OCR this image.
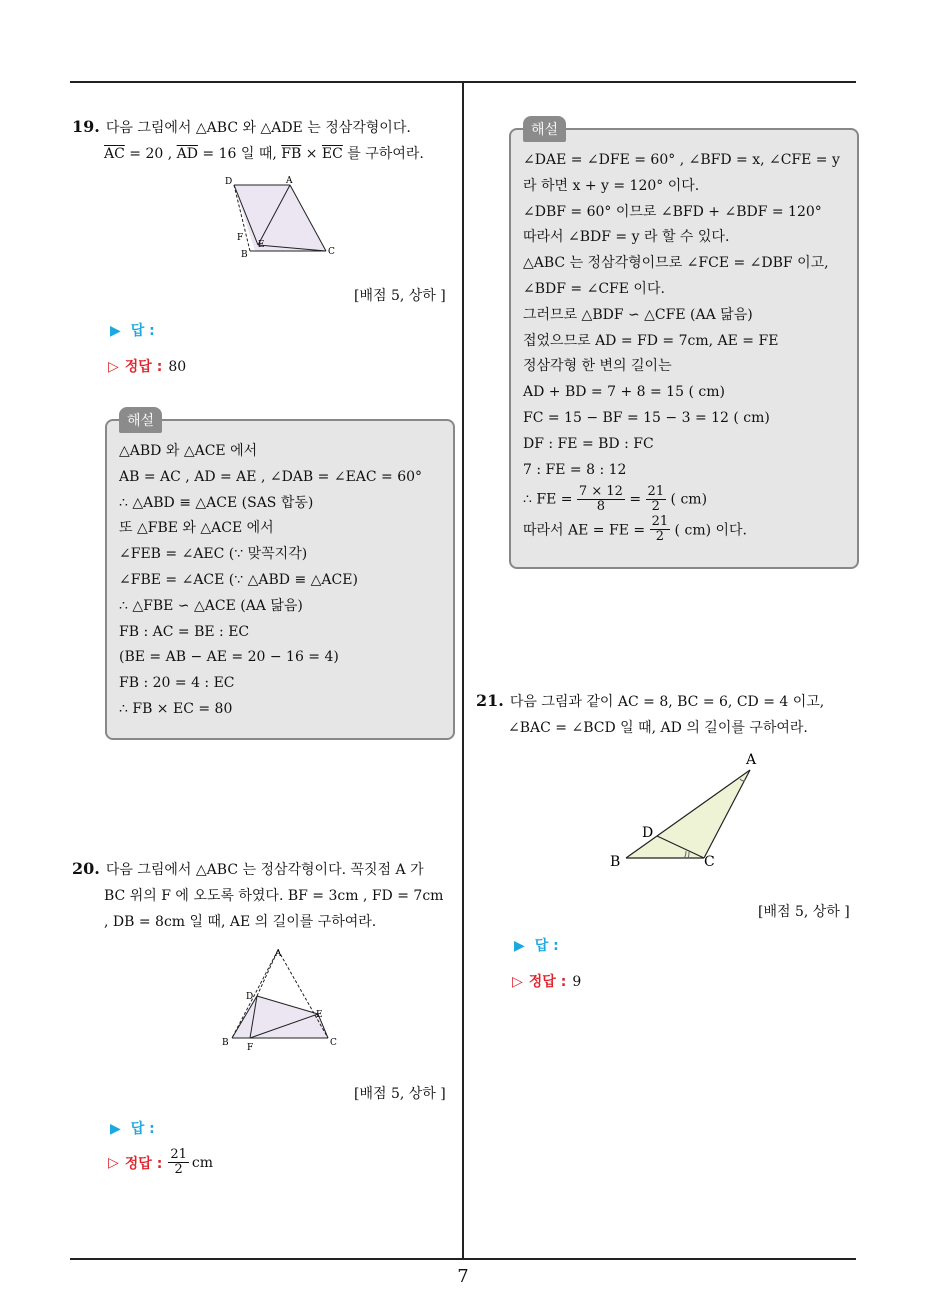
7
19. 다음 그림에서 △ABC 와 △ADE 는 정삼각형이다.
$\overline{AC} = 20$ , $\overline{AD} = 16$ 일 때, $\overline{FB} \times \overline{EC}$ 를 구하여라.
D	A
F
E
B	C
[배점 5, 상하 ]
▶ 답 :
▷ 정답 : 80
해설
△ABD 와 △ACE 에서
AB = AC , AD = AE , ∠DAB = ∠EAC = 60°
∴ △ABD ≡ △ACE (SAS 합동)
또 △FBE 와 △ACE 에서
∠FEB = ∠AEC (∵ 맞꼭지각)
∠FBE = ∠ACE (∵ △ABD ≡ △ACE)
∴ △FBE ∽ △ACE (AA 닮음)
FB : AC = BE : EC
(BE = AB − AE = 20 − 16 = 4)
FB : 20 = 4 : EC
∴ FB × EC = 80
20. 다음 그림에서 △ABC 는 정삼각형이다. 꼭짓점 A 가
BC 위의 F 에 오도록 하였다. BF = 3cm , FD = 7cm
, DB = 8cm 일 때, AE 의 길이를 구하여라.
A
D
E
B F	C
[배점 5, 상하 ]
▶ 답 :
▷ 정답 : $\frac{21}{2}$ cm
해설
∠DAE = ∠DFE = 60° , ∠BFD = x, ∠CFE = y
라 하면 x + y = 120° 이다.
∠DBF = 60° 이므로 ∠BFD + ∠BDF = 120°
따라서 ∠BDF = y 라 할 수 있다.
△ABC 는 정삼각형이므로 ∠FCE = ∠DBF 이고,
∠BDF = ∠CFE 이다.
그러므로 △BDF ∽ △CFE (AA 닮음)
접었으므로 AD = FD = 7cm, AE = FE
정삼각형 한 변의 길이는
AD + BD = 7 + 8 = 15 ( cm)
FC = 15 − BF = 15 − 3 = 12 ( cm)
DF : FE = BD : FC
7 : FE = 8 : 12
∴ FE = $\frac{7 \times 12}{8} = \frac{21}{2}$ ( cm)
따라서 AE = FE = $\frac{21}{2}$ ( cm) 이다.
21. 다음 그림과 같이 AC = 8, BC = 6, CD = 4 이고,
∠BAC = ∠BCD 일 때, AD 의 길이를 구하여라.
A
D
B	C
[배점 5, 상하 ]
▶ 답 :
▷ 정답 : 9
